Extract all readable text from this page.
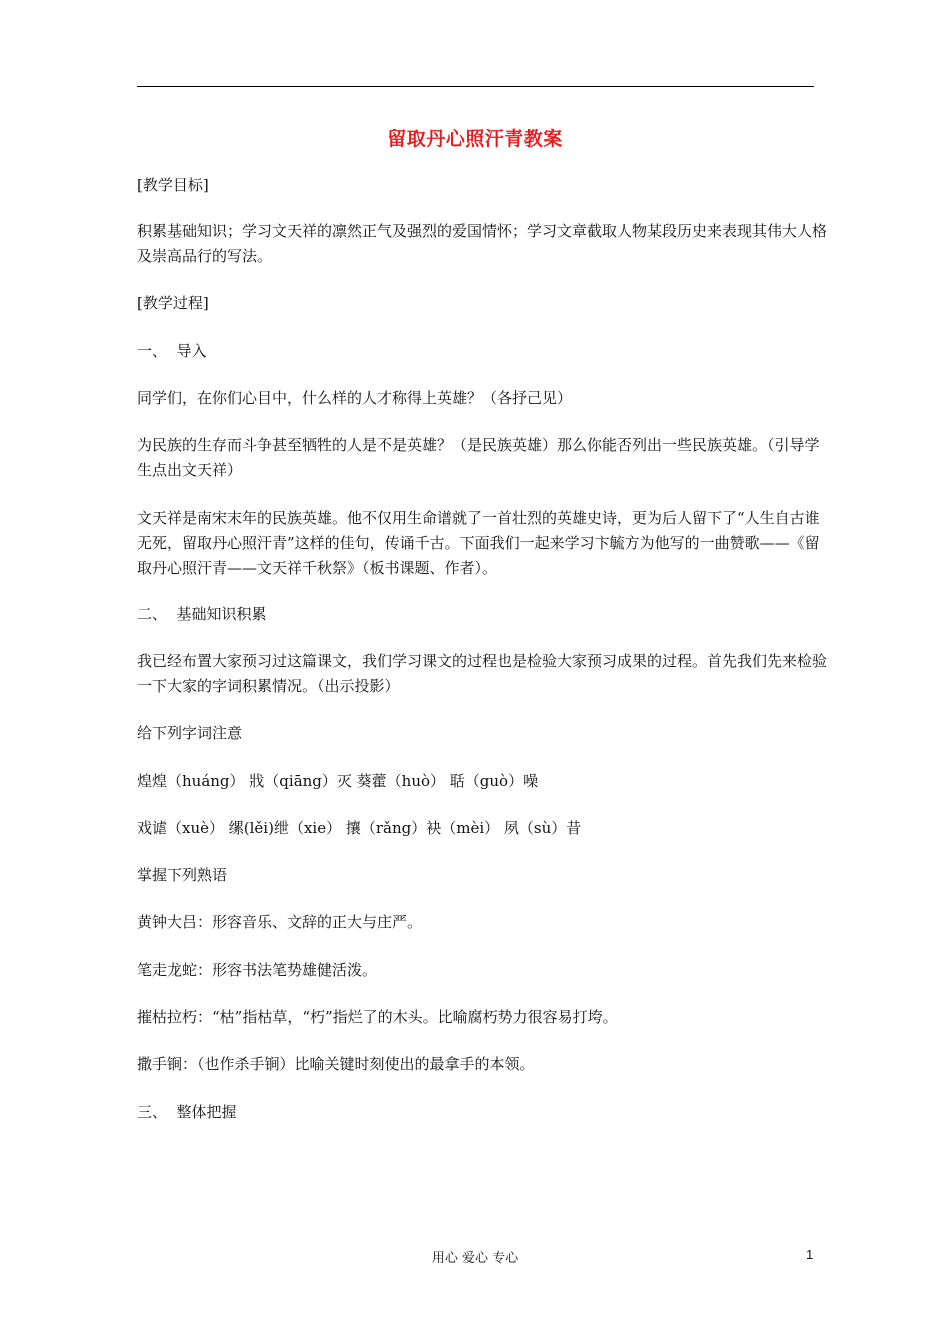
留取丹心照汗青教案

[教学目标]

积累基础知识；学习文天祥的凛然正气及强烈的爱国情怀；学习文章截取人物某段历史来表现其伟大人格及崇高品行的写法。

[教学过程]

一、  导入

同学们，在你们心目中，什么样的人才称得上英雄？（各抒己见）

为民族的生存而斗争甚至牺牲的人是不是英雄？（是民族英雄）那么你能否列出一些民族英雄。（引导学生点出文天祥）

文天祥是南宋末年的民族英雄。他不仅用生命谱就了一首壮烈的英雄史诗，更为后人留下了“人生自古谁无死，留取丹心照汗青”这样的佳句，传诵千古。下面我们一起来学习卞毓方为他写的一曲赞歌——《留取丹心照汗青——文天祥千秋祭》（板书课题、作者）。

二、  基础知识积累

我已经布置大家预习过这篇课文，我们学习课文的过程也是检验大家预习成果的过程。首先我们先来检验一下大家的字词积累情况。（出示投影）

给下列字词注意

煌煌（huáng） 戕（qiāng）灭 葵藿（huò） 聒（guò）噪

戏谑（xuè） 缧(lěi)绁（xie） 攘（rǎng）袂（mèi） 夙（sù）昔

掌握下列熟语

黄钟大吕：形容音乐、文辞的正大与庄严。

笔走龙蛇：形容书法笔势雄健活泼。

摧枯拉朽：“枯”指枯草，“朽”指烂了的木头。比喻腐朽势力很容易打垮。

撒手锏：（也作杀手锏）比喻关键时刻使出的最拿手的本领。

三、  整体把握

用心 爱心 专心	1
